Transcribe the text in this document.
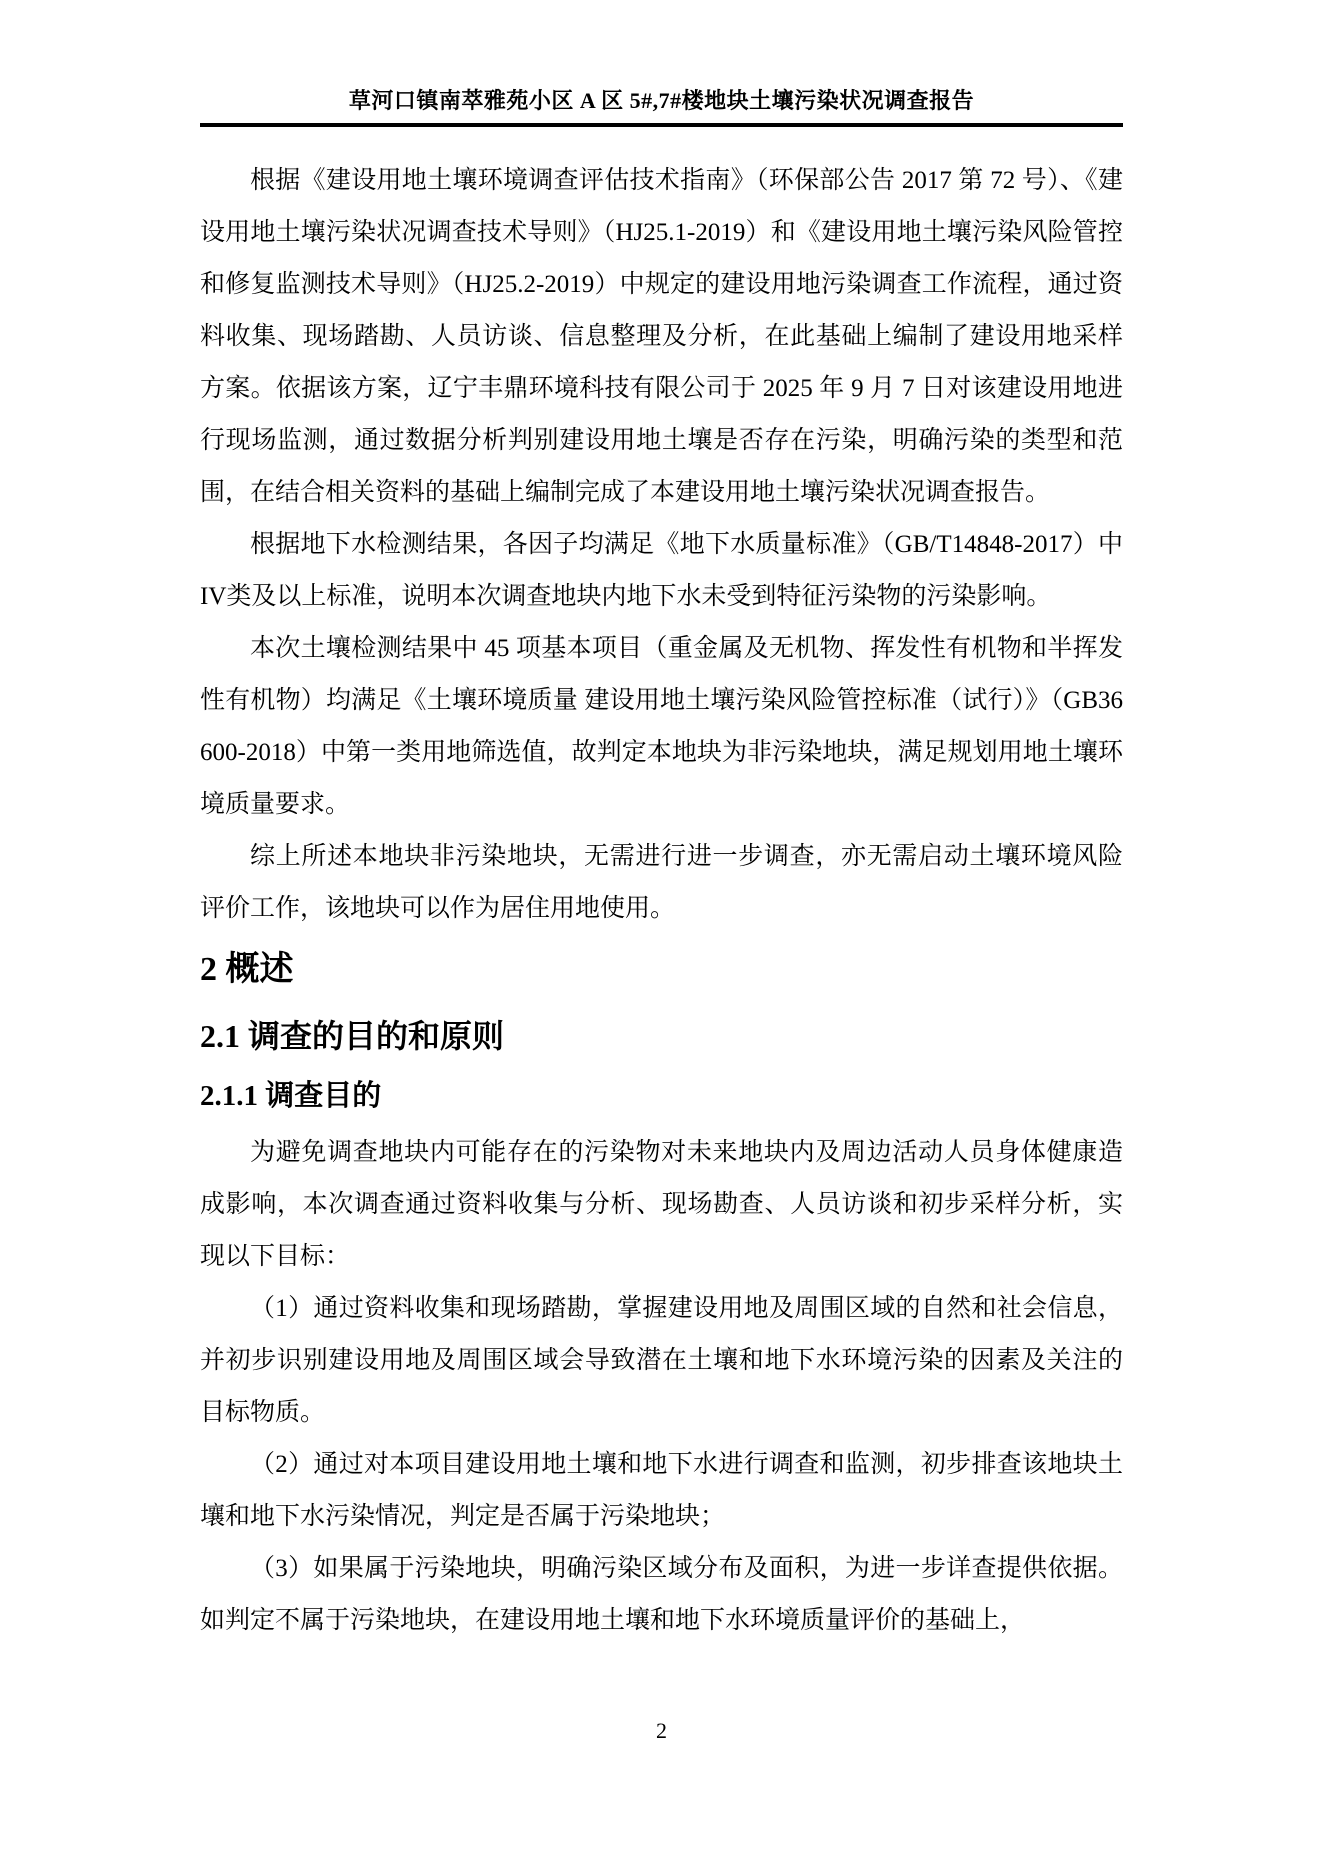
草河口镇南萃雅苑小区 A 区 5#,7#楼地块土壤污染状况调查报告

根据《建设用地土壤环境调查评估技术指南》（环保部公告 2017 第 72 号）、《建设用地土壤污染状况调查技术导则》（HJ25.1-2019）和《建设用地土壤污染风险管控和修复监测技术导则》（HJ25.2-2019）中规定的建设用地污染调查工作流程，通过资料收集、现场踏勘、人员访谈、信息整理及分析，在此基础上编制了建设用地采样方案。依据该方案，辽宁丰鼎环境科技有限公司于 2025 年 9 月 7 日对该建设用地进行现场监测，通过数据分析判别建设用地土壤是否存在污染，明确污染的类型和范围，在结合相关资料的基础上编制完成了本建设用地土壤污染状况调查报告。

根据地下水检测结果，各因子均满足《地下水质量标准》（GB/T14848-2017）中IV类及以上标准，说明本次调查地块内地下水未受到特征污染物的污染影响。

本次土壤检测结果中 45 项基本项目（重金属及无机物、挥发性有机物和半挥发性有机物）均满足《土壤环境质量 建设用地土壤污染风险管控标准（试行）》（GB36600-2018）中第一类用地筛选值，故判定本地块为非污染地块，满足规划用地土壤环境质量要求。

综上所述本地块非污染地块，无需进行进一步调查，亦无需启动土壤环境风险评价工作，该地块可以作为居住用地使用。

2 概述
2.1 调查的目的和原则
2.1.1 调查目的

为避免调查地块内可能存在的污染物对未来地块内及周边活动人员身体健康造成影响，本次调查通过资料收集与分析、现场勘查、人员访谈和初步采样分析，实现以下目标：

（1）通过资料收集和现场踏勘，掌握建设用地及周围区域的自然和社会信息，并初步识别建设用地及周围区域会导致潜在土壤和地下水环境污染的因素及关注的目标物质。

（2）通过对本项目建设用地土壤和地下水进行调查和监测，初步排查该地块土壤和地下水污染情况，判定是否属于污染地块；

（3）如果属于污染地块，明确污染区域分布及面积，为进一步详查提供依据。如判定不属于污染地块，在建设用地土壤和地下水环境质量评价的基础上，

2
